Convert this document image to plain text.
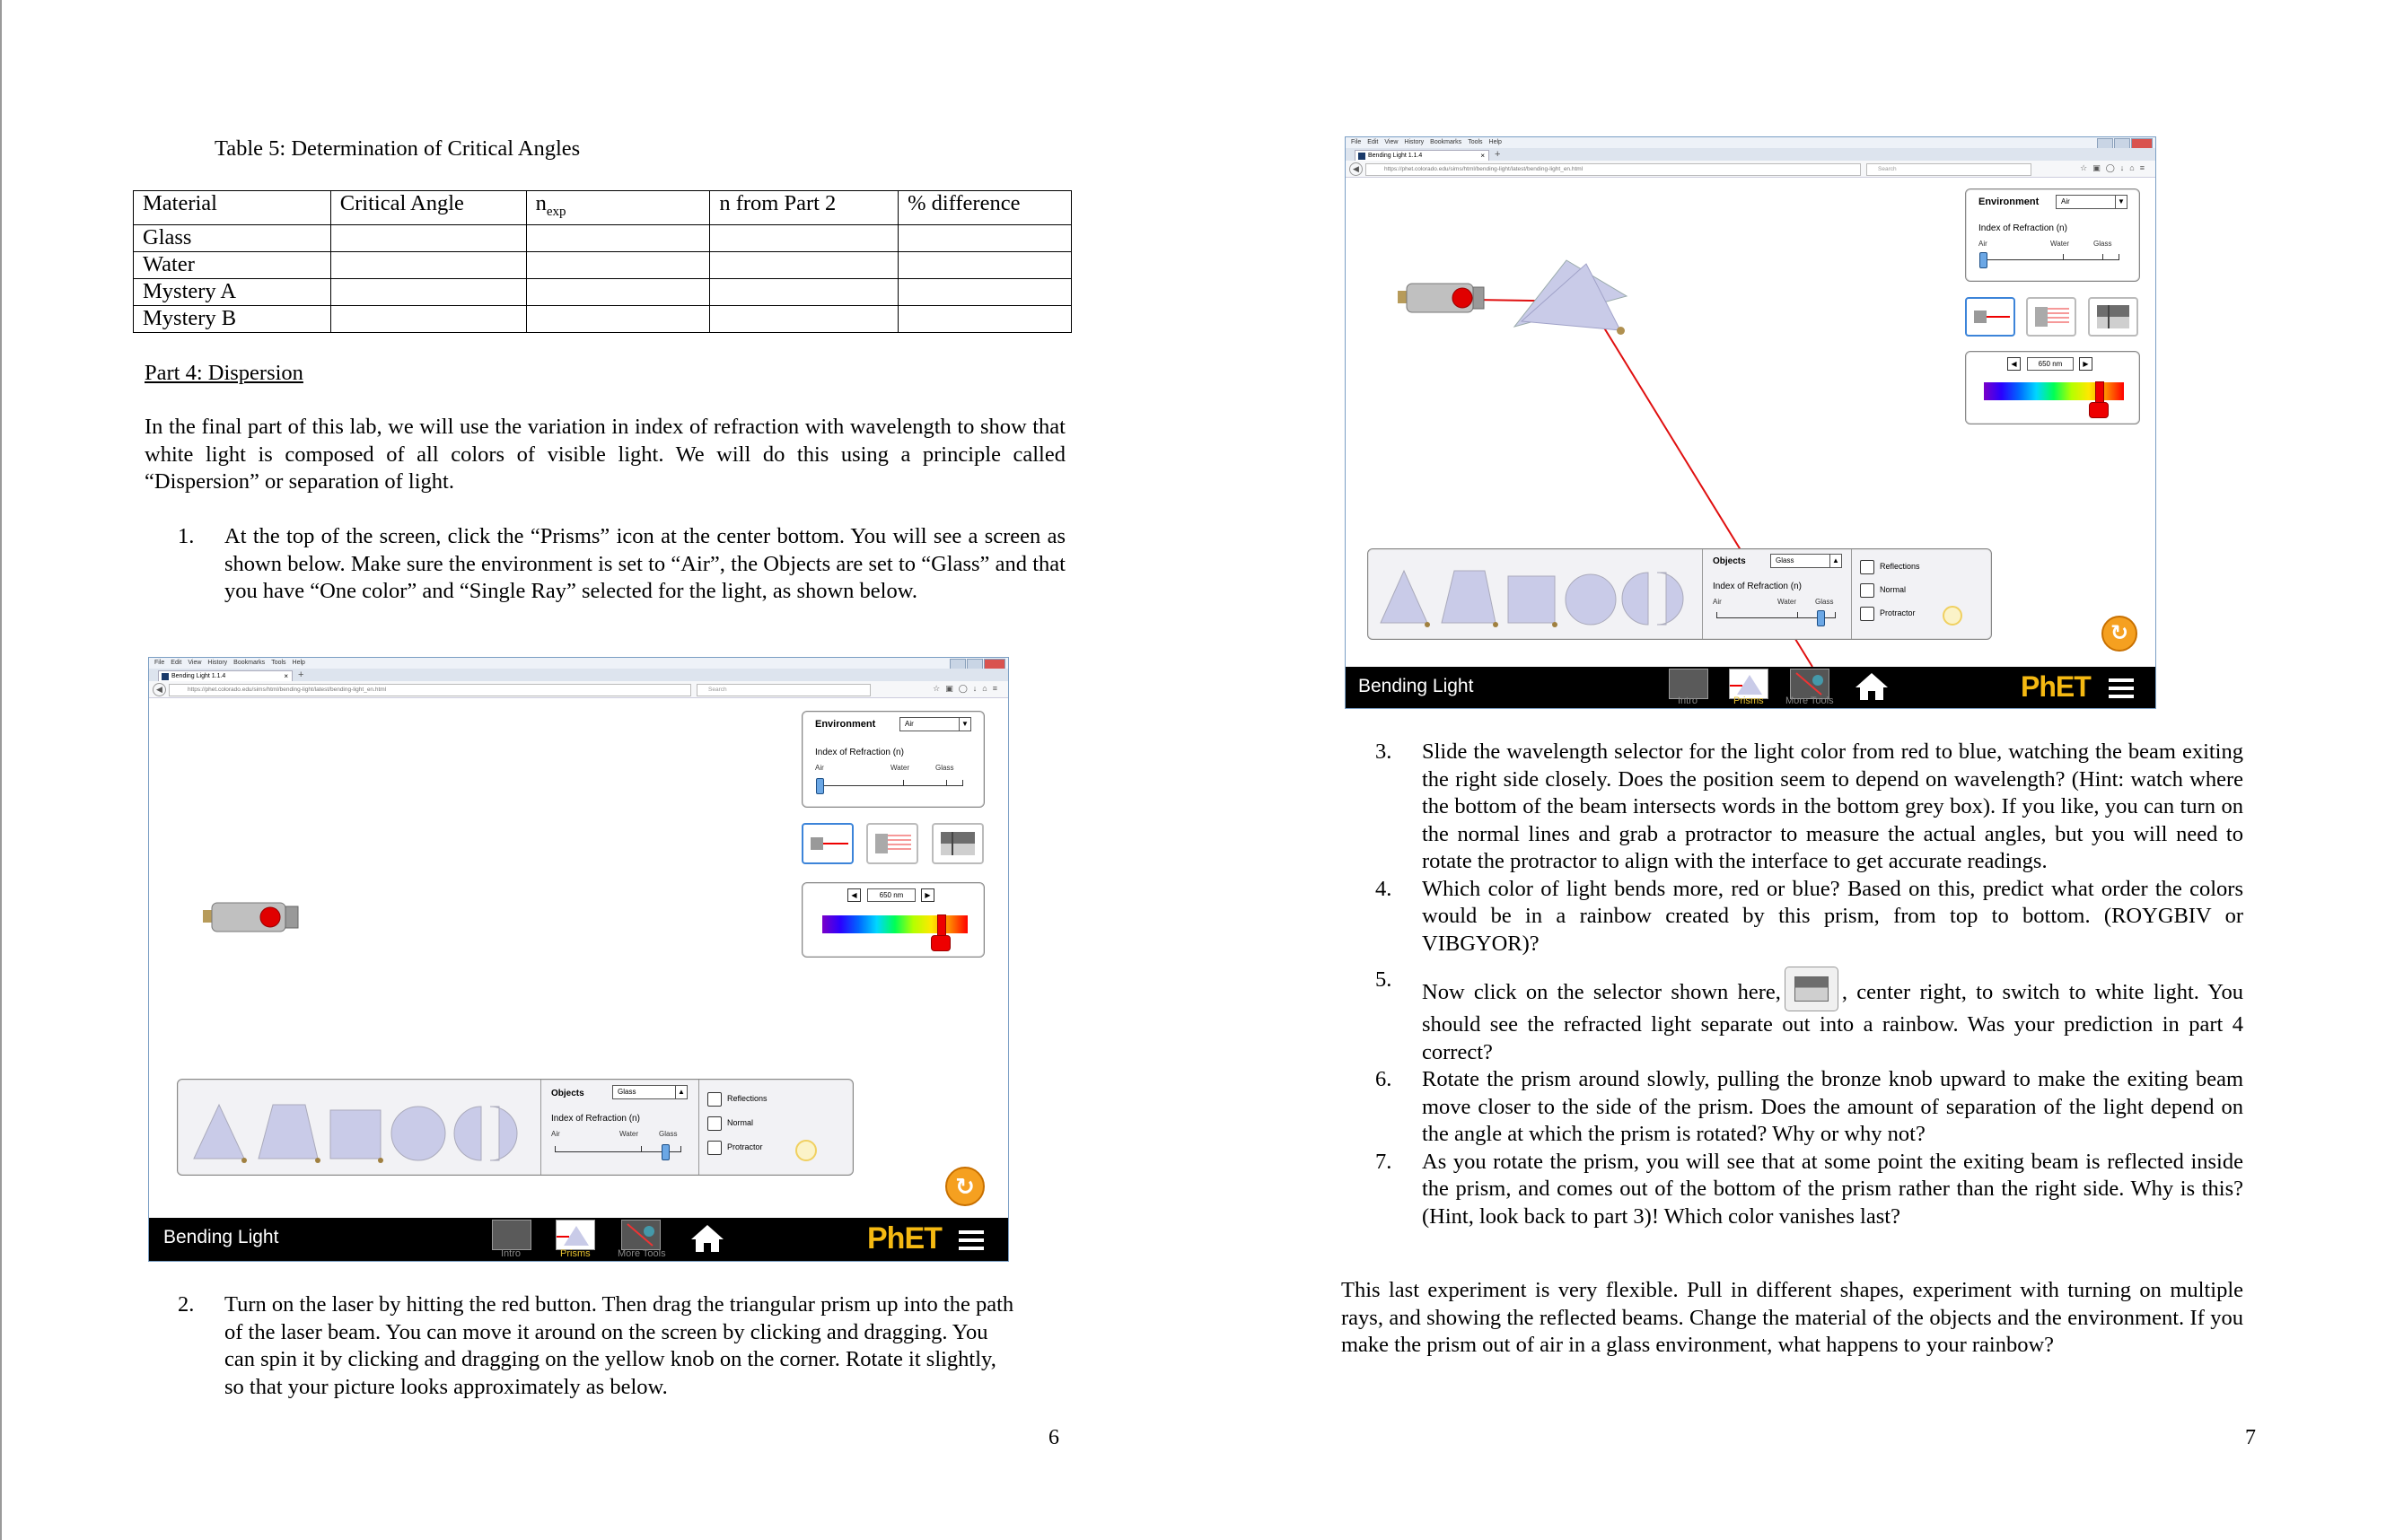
Table 5: Determination of Critical Angles
Material	Critical Angle	$n_{exp}$	n from Part 2	% difference
Glass				
Water				
Mystery A				
Mystery B				
Part 4: Dispersion
In the final part of this lab, we will use the variation in index of refraction with wavelength to show that white light is composed of all colors of visible light. We will do this using a principle called “Dispersion” or separation of light.
1. At the top of the screen, click the “Prisms” icon at the center bottom. You will see a screen as shown below. Make sure the environment is set to “Air”, the Objects are set to “Glass” and that you have “One color” and “Single Ray” selected for the light, as shown below.
File Edit View History Bookmarks Tools Help
Bending Light 1.1.4	× +
◀	https://phet.colorado.edu/sims/html/bending-light/latest/bending-light_en.html	Search	☆▣◯↓⌂≡
Environment	Air	▼
Index of Refraction (n)
Air	Water	Glass
◀	650 nm	▶
Objects	Glass	▲
Index of Refraction (n)
Air	Water	Glass
Reflections
Normal
Protractor
↻
Bending Light
Intro	Prisms	More Tools	PhET
2. Turn on the laser by hitting the red button. Then drag the triangular prism up into the path of the laser beam. You can move it around on the screen by clicking and dragging. You can spin it by clicking and dragging on the yellow knob on the corner. Rotate it slightly, so that your picture looks approximately as below.
6
File Edit View History Bookmarks Tools Help
Bending Light 1.1.4	× +
◀	https://phet.colorado.edu/sims/html/bending-light/latest/bending-light_en.html	Search	☆▣◯↓⌂≡
Environment	Air	▼
Index of Refraction (n)
Air	Water	Glass
◀	650 nm	▶
Objects	Glass	▲
Index of Refraction (n)
Air	Water	Glass
Reflections
Normal
Protractor
↻
Bending Light
Intro	Prisms More Tools	PhET
3. Slide the wavelength selector for the light color from red to blue, watching the beam exiting the right side closely. Does the position seem to depend on wavelength? (Hint: watch where the bottom of the beam intersects words in the bottom grey box). If you like, you can turn on the normal lines and grab a protractor to measure the actual angles, but you will need to rotate the protractor to align with the interface to get accurate readings.
4. Which color of light bends more, red or blue? Based on this, predict what order the colors would be in a rainbow created by this prism, from top to bottom. (ROYGBIV or VIBGYOR)?
5.
Now click on the selector shown here,	, center right, to switch to white light. You should see the refracted light separate out into a rainbow. Was your prediction in part 4 correct?
6. Rotate the prism around slowly, pulling the bronze knob upward to make the exiting beam move closer to the side of the prism. Does the amount of separation of the light depend on the angle at which the prism is rotated? Why or why not?
7. As you rotate the prism, you will see that at some point the exiting beam is reflected inside the prism, and comes out of the bottom of the prism rather than the right side. Why is this? (Hint, look back to part 3)! Which color vanishes last?
This last experiment is very flexible. Pull in different shapes, experiment with turning on multiple rays, and showing the reflected beams. Change the material of the objects and the environment. If you make the prism out of air in a glass environment, what happens to your rainbow?
7
